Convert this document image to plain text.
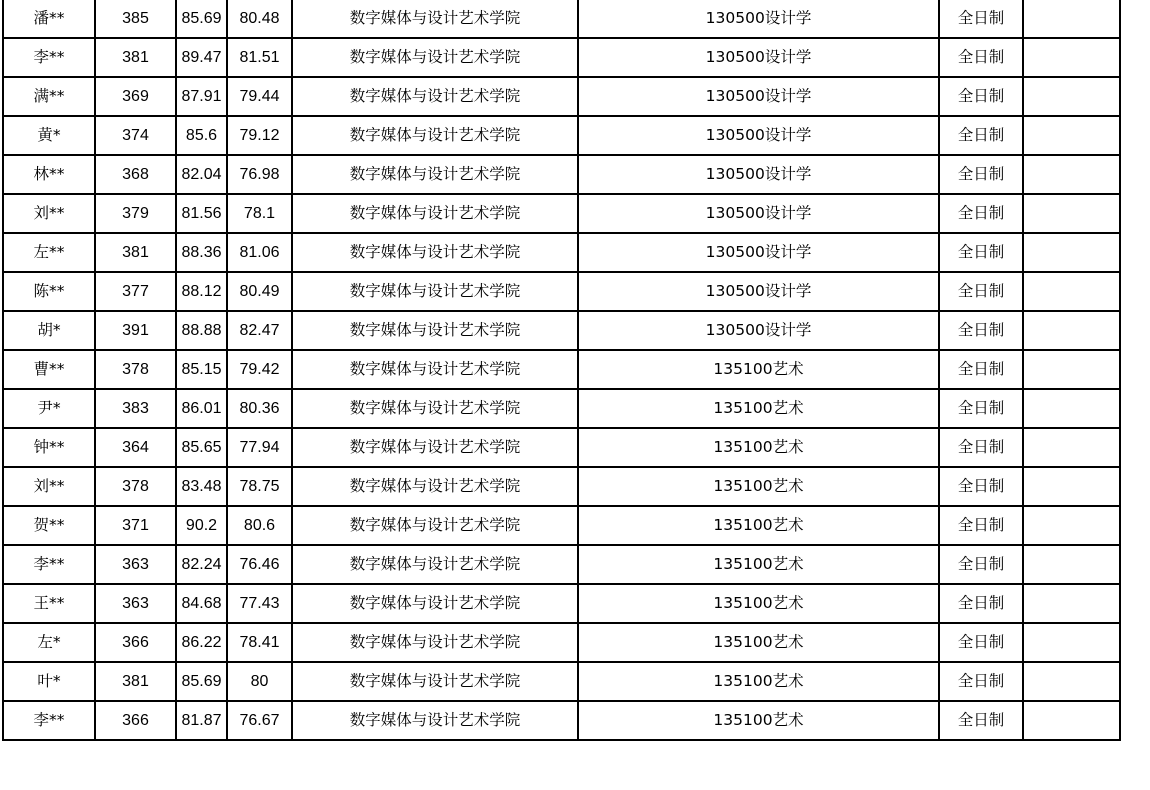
潘**	385	85.69	80.48	数字媒体与设计艺术学院	130500设计学	全日制	
李**	381	89.47	81.51	数字媒体与设计艺术学院	130500设计学	全日制	
满**	369	87.91	79.44	数字媒体与设计艺术学院	130500设计学	全日制	
黄*	374	85.6	79.12	数字媒体与设计艺术学院	130500设计学	全日制	
林**	368	82.04	76.98	数字媒体与设计艺术学院	130500设计学	全日制	
刘**	379	81.56	78.1	数字媒体与设计艺术学院	130500设计学	全日制	
左**	381	88.36	81.06	数字媒体与设计艺术学院	130500设计学	全日制	
陈**	377	88.12	80.49	数字媒体与设计艺术学院	130500设计学	全日制	
胡*	391	88.88	82.47	数字媒体与设计艺术学院	130500设计学	全日制	
曹**	378	85.15	79.42	数字媒体与设计艺术学院	135100艺术	全日制	
尹*	383	86.01	80.36	数字媒体与设计艺术学院	135100艺术	全日制	
钟**	364	85.65	77.94	数字媒体与设计艺术学院	135100艺术	全日制	
刘**	378	83.48	78.75	数字媒体与设计艺术学院	135100艺术	全日制	
贺**	371	90.2	80.6	数字媒体与设计艺术学院	135100艺术	全日制	
李**	363	82.24	76.46	数字媒体与设计艺术学院	135100艺术	全日制	
王**	363	84.68	77.43	数字媒体与设计艺术学院	135100艺术	全日制	
左*	366	86.22	78.41	数字媒体与设计艺术学院	135100艺术	全日制	
叶*	381	85.69	80	数字媒体与设计艺术学院	135100艺术	全日制	
李**	366	81.87	76.67	数字媒体与设计艺术学院	135100艺术	全日制	
